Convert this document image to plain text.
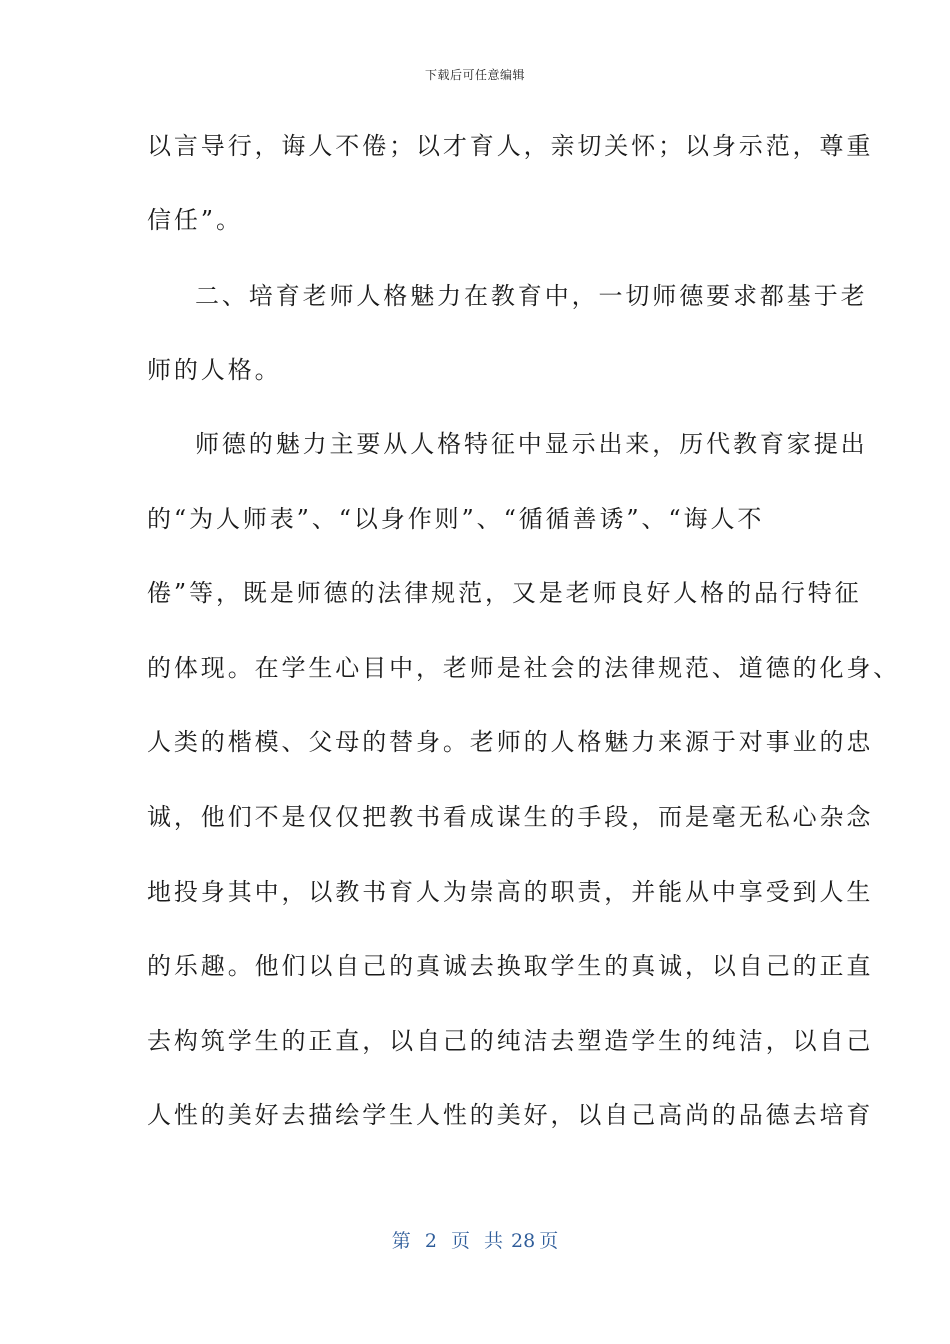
下载后可任意编辑
以言导行，诲人不倦；以才育人，亲切关怀；以身示范，尊重
信任”。
二、培育老师人格魅力在教育中，一切师德要求都基于老
师的人格。
师德的魅力主要从人格特征中显示出来，历代教育家提出
的“为人师表”、“以身作则”、“循循善诱”、“诲人不
倦”等，既是师德的法律规范，又是老师良好人格的品行特征
的体现。在学生心目中，老师是社会的法律规范、道德的化身、
人类的楷模、父母的替身。老师的人格魅力来源于对事业的忠
诚，他们不是仅仅把教书看成谋生的手段，而是毫无私心杂念
地投身其中，以教书育人为崇高的职责，并能从中享受到人生
的乐趣。他们以自己的真诚去换取学生的真诚，以自己的正直
去构筑学生的正直，以自己的纯洁去塑造学生的纯洁，以自己
人性的美好去描绘学生人性的美好，以自己高尚的品德去培育
第 2 页 共 28 页
